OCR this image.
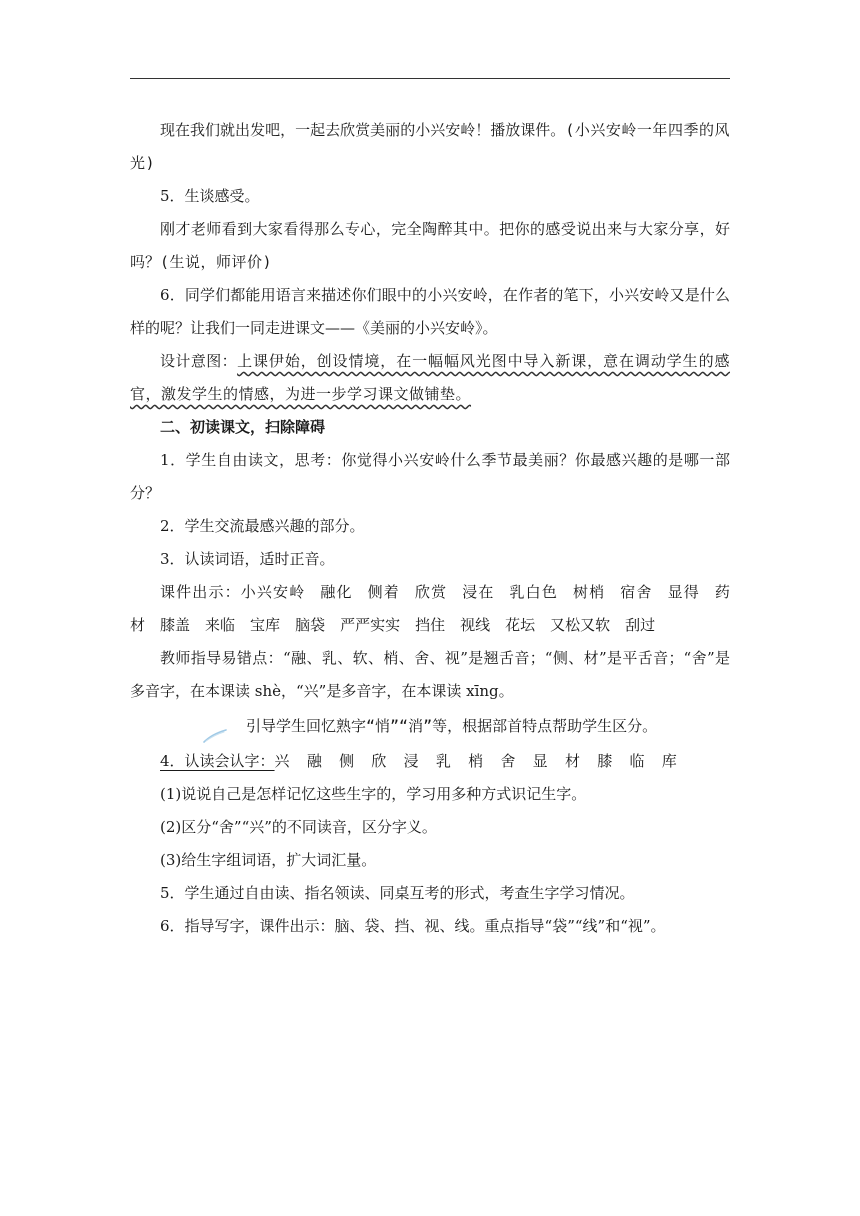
现在我们就出发吧，一起去欣赏美丽的小兴安岭！播放课件。(小兴安岭一年四季的风光)

5．生谈感受。

刚才老师看到大家看得那么专心，完全陶醉其中。把你的感受说出来与大家分享，好吗？(生说，师评价)

6．同学们都能用语言来描述你们眼中的小兴安岭，在作者的笔下，小兴安岭又是什么样的呢？让我们一同走进课文——《美丽的小兴安岭》。

设计意图：上课伊始，创设情境，在一幅幅风光图中导入新课，意在调动学生的感官，激发学生的情感，为进一步学习课文做铺垫。

二、初读课文，扫除障碍

1．学生自由读文，思考：你觉得小兴安岭什么季节最美丽？你最感兴趣的是哪一部分？

2．学生交流最感兴趣的部分。

3．认读词语，适时正音。

课件出示：小兴安岭 融化 侧着 欣赏 浸在 乳白色 树梢 宿舍 显得 药材 膝盖 来临 宝库 脑袋 严严实实 挡住 视线 花坛 又松又软 刮过

教师指导易错点：“融、乳、软、梢、舍、视”是翘舌音；“侧、材”是平舌音；“舍”是多音字，在本课读 shè，“兴”是多音字，在本课读 xīng。

引导学生回忆熟字“悄”“消”等，根据部首特点帮助学生区分。

4．认读会认字：兴 融 侧 欣 浸 乳 梢 舍 显 材 膝 临 库

(1)说说自己是怎样记忆这些生字的，学习用多种方式识记生字。

(2)区分“舍”“兴”的不同读音，区分字义。

(3)给生字组词语，扩大词汇量。

5．学生通过自由读、指名领读、同桌互考的形式，考查生字学习情况。

6．指导写字，课件出示：脑、袋、挡、视、线。重点指导“袋”“线”和“视”。
